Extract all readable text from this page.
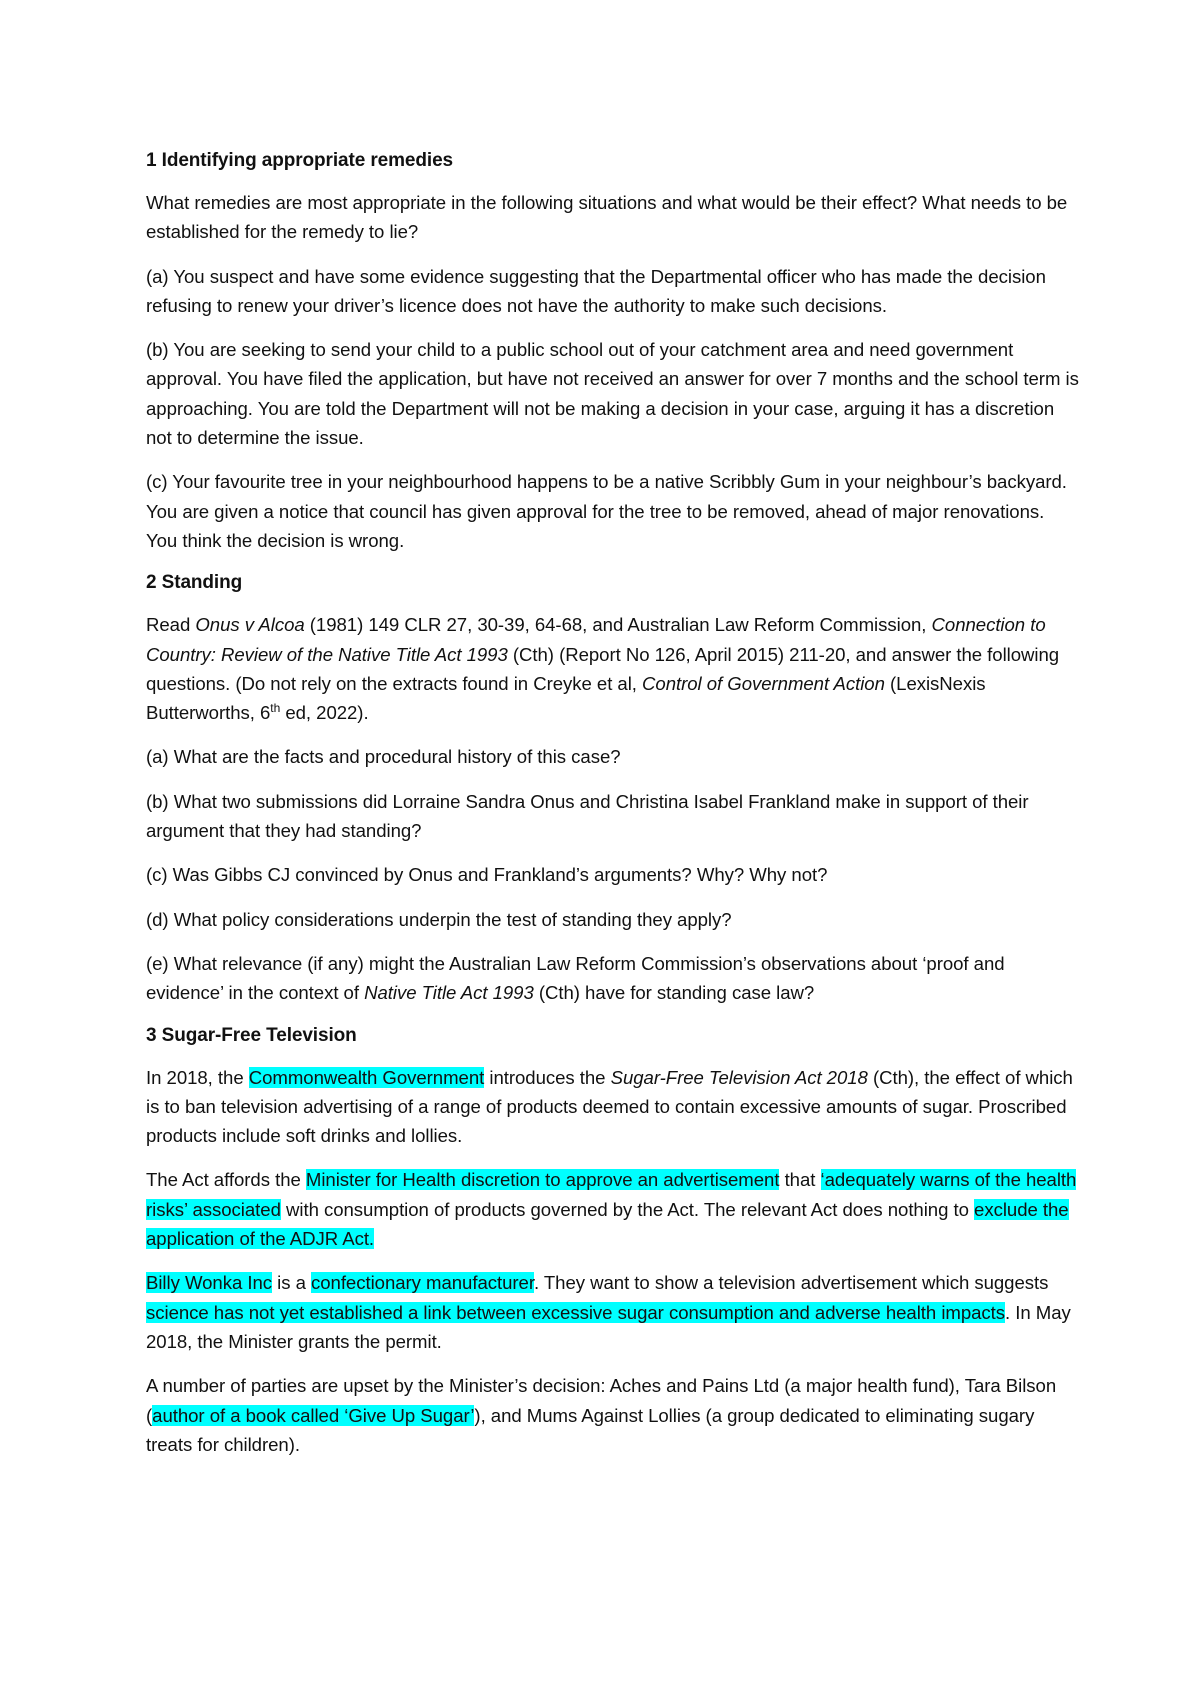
1 Identifying appropriate remedies

What remedies are most appropriate in the following situations and what would be their effect? What needs to be established for the remedy to lie?

(a) You suspect and have some evidence suggesting that the Departmental officer who has made the decision refusing to renew your driver’s licence does not have the authority to make such decisions.

(b) You are seeking to send your child to a public school out of your catchment area and need government approval. You have filed the application, but have not received an answer for over 7 months and the school term is approaching. You are told the Department will not be making a decision in your case, arguing it has a discretion not to determine the issue.

(c) Your favourite tree in your neighbourhood happens to be a native Scribbly Gum in your neighbour’s backyard. You are given a notice that council has given approval for the tree to be removed, ahead of major renovations. You think the decision is wrong.

2 Standing

Read Onus v Alcoa (1981) 149 CLR 27, 30-39, 64-68, and Australian Law Reform Commission, Connection to Country: Review of the Native Title Act 1993 (Cth) (Report No 126, April 2015) 211-20, and answer the following questions. (Do not rely on the extracts found in Creyke et al, Control of Government Action (LexisNexis Butterworths, 6th ed, 2022).

(a) What are the facts and procedural history of this case?

(b) What two submissions did Lorraine Sandra Onus and Christina Isabel Frankland make in support of their argument that they had standing?

(c) Was Gibbs CJ convinced by Onus and Frankland’s arguments? Why? Why not?

(d) What policy considerations underpin the test of standing they apply?

(e) What relevance (if any) might the Australian Law Reform Commission’s observations about ‘proof and evidence’ in the context of Native Title Act 1993 (Cth) have for standing case law?

3 Sugar-Free Television

In 2018, the Commonwealth Government introduces the Sugar-Free Television Act 2018 (Cth), the effect of which is to ban television advertising of a range of products deemed to contain excessive amounts of sugar. Proscribed products include soft drinks and lollies.

The Act affords the Minister for Health discretion to approve an advertisement that ‘adequately warns of the health risks’ associated with consumption of products governed by the Act. The relevant Act does nothing to exclude the application of the ADJR Act.

Billy Wonka Inc is a confectionary manufacturer. They want to show a television advertisement which suggests science has not yet established a link between excessive sugar consumption and adverse health impacts. In May 2018, the Minister grants the permit.

A number of parties are upset by the Minister’s decision: Aches and Pains Ltd (a major health fund), Tara Bilson (author of a book called ‘Give Up Sugar’), and Mums Against Lollies (a group dedicated to eliminating sugary treats for children).
